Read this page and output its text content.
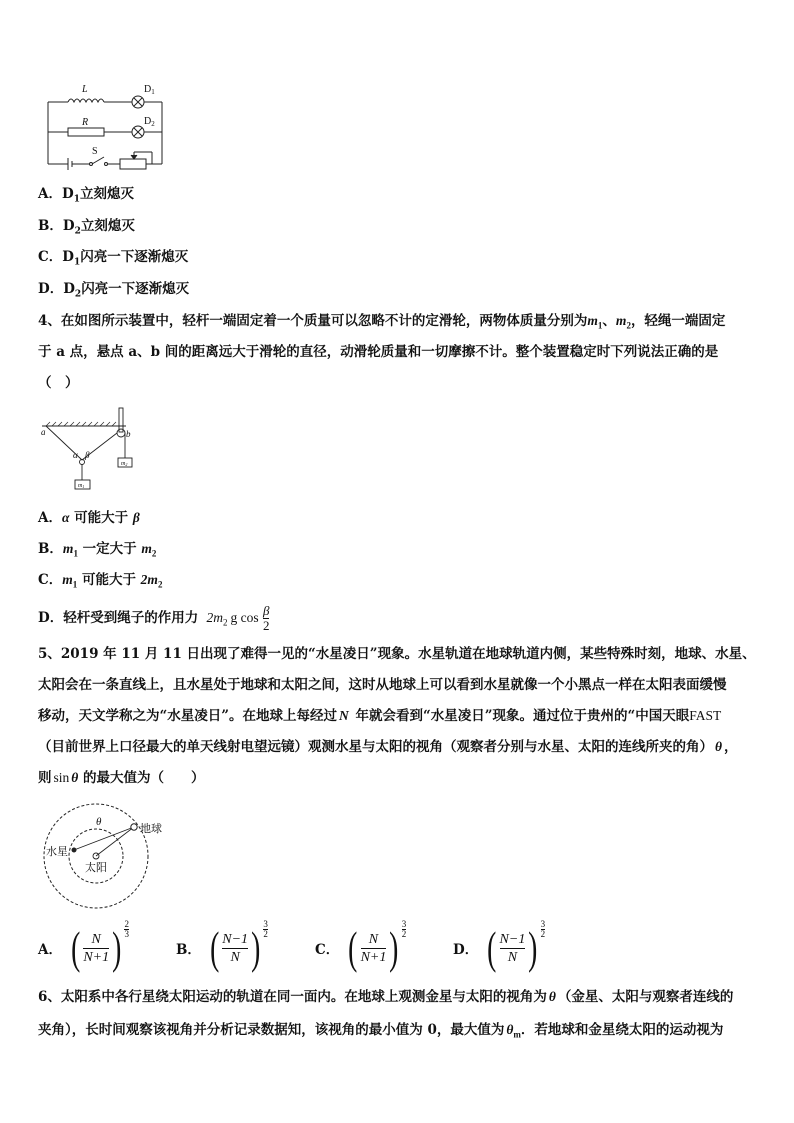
L	$D_1$
R	$D_2$
S
A．$D_1$立刻熄灭
B．$D_2$立刻熄灭
C．$D_1$闪亮一下逐渐熄灭
D．$D_2$闪亮一下逐渐熄灭
4、在如图所示装置中，轻杆一端固定着一个质量可以忽略不计的定滑轮，两物体质量分别为$m_1$、$m_2$，轻绳一端固定
于 a 点，悬点 a、b 间的距离远大于滑轮的直径，动滑轮质量和一切摩擦不计。整个装置稳定时下列说法正确的是
（　）
a	b
α β
m1
m2
A．α 可能大于 β
B．$m_1$ 一定大于 $m_2$
C．$m_1$ 可能大于 $2m_2$
D．轻杆受到绳子的作用力 $2m_2$ g $\cos \frac{\beta}{2}$
5、2019 年 11 月 11 日出现了难得一见的“水星凌日”现象。水星轨道在地球轨道内侧，某些特殊时刻，地球、水星、
太阳会在一条直线上，且水星处于地球和太阳之间，这时从地球上可以看到水星就像一个小黑点一样在太阳表面缓慢
移动，天文学称之为“水星凌日”。在地球上每经过 N 年就会看到“水星凌日”现象。通过位于贵州的“中国天眼FAST
（目前世界上口径最大的单天线射电望远镜）观测水星与太阳的视角（观察者分别与水星、太阳的连线所夹的角） θ ，
则 sin θ 的最大值为（　　）
θ
地球
水星
太阳
A． ( N
N+1 ) 2
3
B． ( N−1
N ) 3
2
C． ( N
N+1 ) 3
2
D． ( N−1
N ) 3
2
6、太阳系中各行星绕太阳运动的轨道在同一面内。在地球上观测金星与太阳的视角为 θ （金星、太阳与观察者连线的
夹角），长时间观察该视角并分析记录数据知，该视角的最小值为 0，最大值为 $\theta_m$．若地球和金星绕太阳的运动视为
